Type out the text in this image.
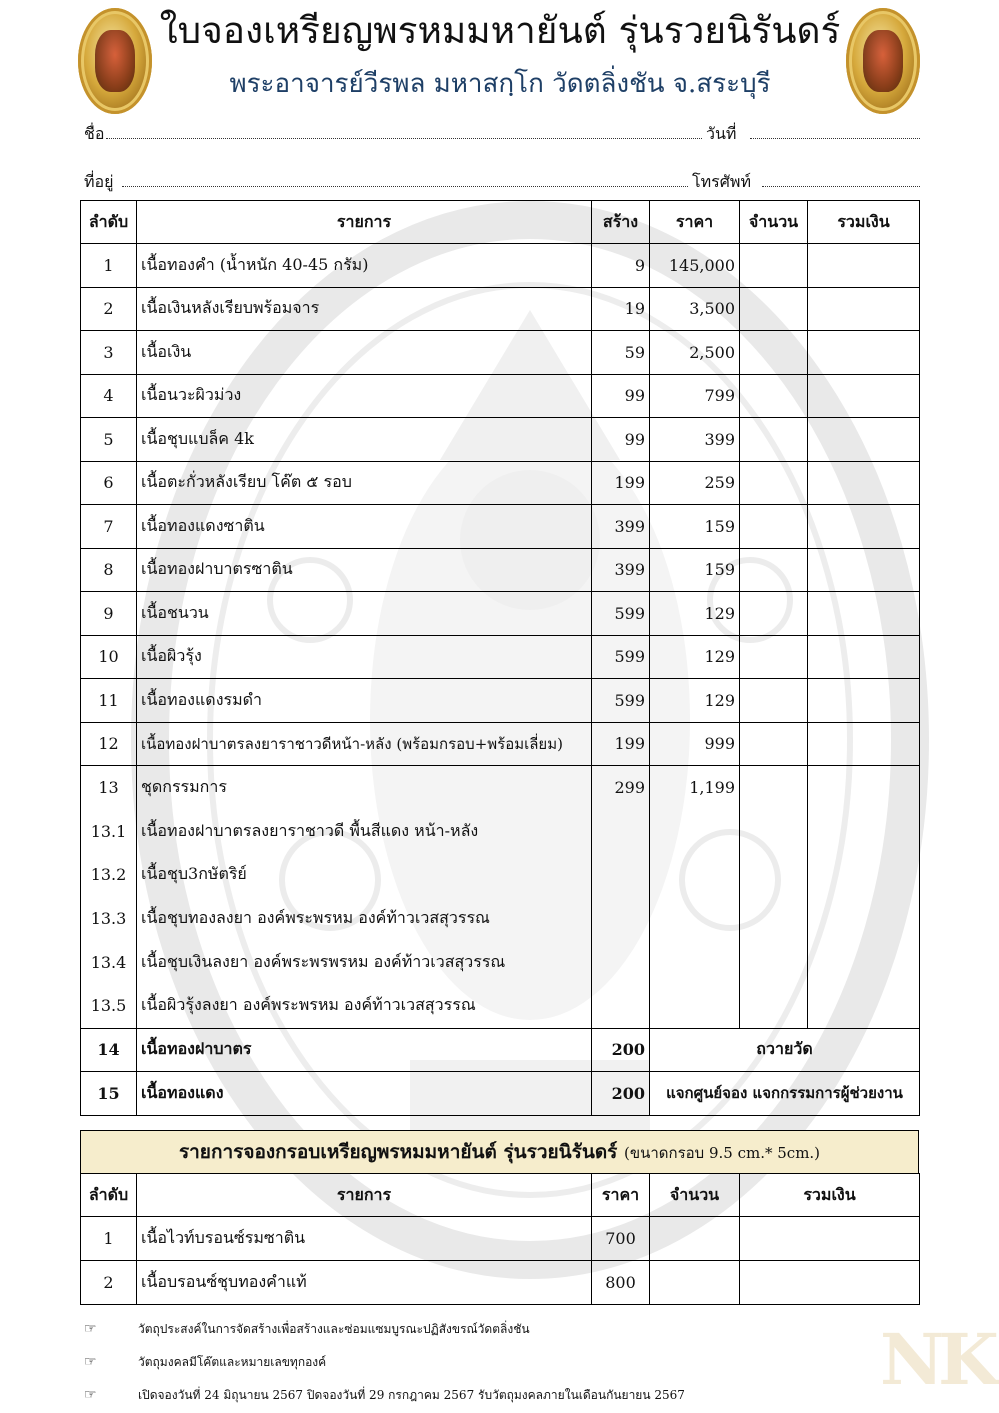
ใบจองเหรียญพรหมมหายันต์ รุ่นรวยนิรันดร์
พระอาจารย์วีรพล มหาสกฺโก วัดตลิ่งชัน จ.สระบุรี
ชื่อ	วันที่
ที่อยู่	โทรศัพท์
ลำดับ	รายการ	สร้าง	ราคา	จำนวน	รวมเงิน
1	เนื้อทองคำ (น้ำหนัก 40-45 กรัม)	9	145,000		
2	เนื้อเงินหลังเรียบพร้อมจาร	19	3,500		
3	เนื้อเงิน	59	2,500		
4	เนื้อนวะผิวม่วง	99	799		
5	เนื้อชุบแบล็ค 4k	99	399		
6	เนื้อตะกั่วหลังเรียบ โค๊ต ๕ รอบ	199	259		
7	เนื้อทองแดงซาติน	399	159		
8	เนื้อทองฝาบาตรซาติน	399	159		
9	เนื้อชนวน	599	129		
10	เนื้อผิวรุ้ง	599	129		
11	เนื้อทองแดงรมดำ	599	129		
12	เนื้อทองฝาบาตรลงยาราชาวดีหน้า-หลัง (พร้อมกรอบ+พร้อมเลี่ยม)	199	999		
13	ชุดกรรมการ	299	1,199		
13.1	เนื้อทองฝาบาตรลงยาราชาวดี พื้นสีแดง หน้า-หลัง				
13.2	เนื้อชุบ3กษัตริย์				
13.3	เนื้อชุบทองลงยา องค์พระพรหม องค์ท้าวเวสสุวรรณ				
13.4	เนื้อชุบเงินลงยา องค์พระพรพรหม องค์ท้าวเวสสุวรรณ				
13.5	เนื้อผิวรุ้งลงยา องค์พระพรหม องค์ท้าวเวสสุวรรณ				
14	เนื้อทองฝาบาตร	200	ถวายวัด		
15	เนื้อทองแดง	200	แจกศูนย์จอง แจกกรรมการผู้ช่วยงาน		
รายการจองกรอบเหรียญพรหมมหายันต์ รุ่นรวยนิรันดร์ (ขนาดกรอบ 9.5 cm.* 5cm.)
ลำดับ	รายการ	ราคา	จำนวน	รวมเงิน
1	เนื้อไวท์บรอนซ์รมซาติน	700		
2	เนื้อบรอนซ์ชุบทองคำแท้	800		
☞	วัตถุประสงค์ในการจัดสร้างเพื่อสร้างและซ่อมแซมบูรณะปฏิสังขรณ์วัดตลิ่งชัน
☞	วัตถุมงคลมีโค๊ตและหมายเลขทุกองค์
☞	เปิดจองวันที่ 24 มิถุนายน 2567 ปิดจองวันที่ 29 กรกฎาคม 2567 รับวัตถุมงคลภายในเดือนกันยายน 2567	NK
